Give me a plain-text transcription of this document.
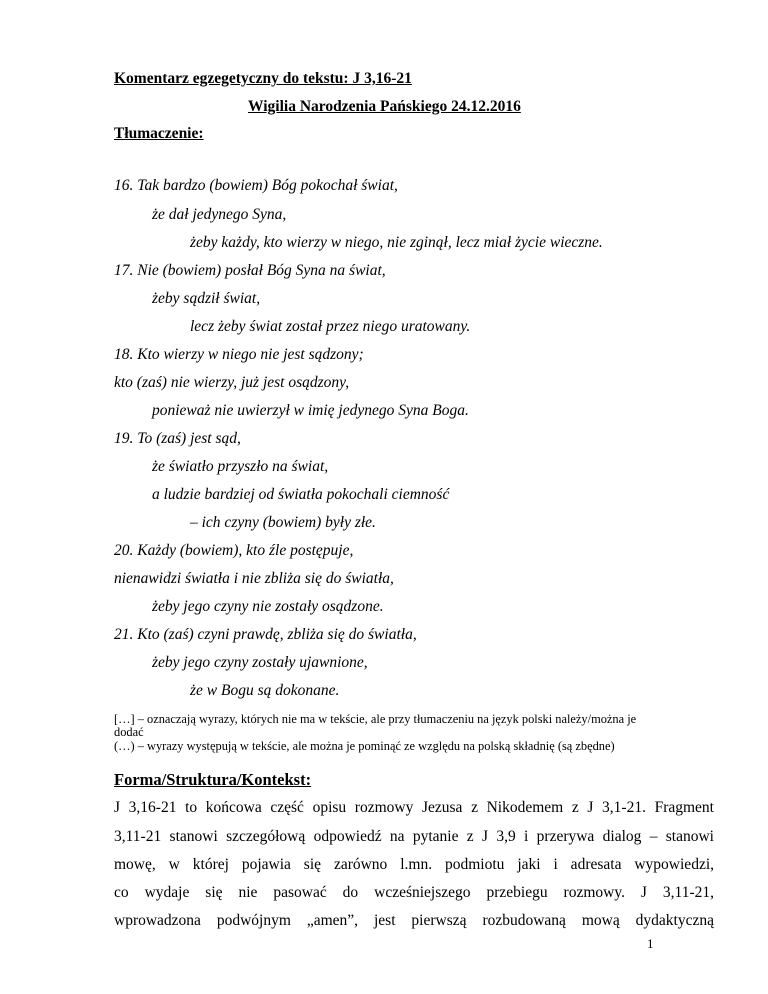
Komentarz egzegetyczny do tekstu: J 3,16-21
Wigilia Narodzenia Pańskiego 24.12.2016
Tłumaczenie:
16. Tak bardzo (bowiem) Bóg pokochał świat,
że dał jedynego Syna,
żeby każdy, kto wierzy w niego, nie zginął, lecz miał życie wieczne.
17. Nie (bowiem) posłał Bóg Syna na świat,
żeby sądził świat,
lecz żeby świat został przez niego uratowany.
18. Kto wierzy w niego nie jest sądzony;
kto (zaś) nie wierzy, już jest osądzony,
ponieważ nie uwierzył w imię jedynego Syna Boga.
19. To (zaś) jest sąd,
że światło przyszło na świat,
a ludzie bardziej od światła pokochali ciemność
– ich czyny (bowiem) były złe.
20. Każdy (bowiem), kto źle postępuje,
nienawidzi światła i nie zbliża się do światła,
żeby jego czyny nie zostały osądzone.
21. Kto (zaś) czyni prawdę, zbliża się do światła,
żeby jego czyny zostały ujawnione,
że w Bogu są dokonane.
[…] – oznaczają wyrazy, których nie ma w tekście, ale przy tłumaczeniu na język polski należy/można je
dodać
(…) – wyrazy występują w tekście, ale można je pominąć ze względu na polską składnię (są zbędne)
Forma/Struktura/Kontekst:
J 3,16-21 to końcowa część opisu rozmowy Jezusa z Nikodemem z J 3,1-21. Fragment
3,11-21 stanowi szczegółową odpowiedź na pytanie z J 3,9 i przerywa dialog – stanowi
mowę, w której pojawia się zarówno l.mn. podmiotu jaki i adresata wypowiedzi,
co wydaje się nie pasować do wcześniejszego przebiegu rozmowy. J 3,11-21,
wprowadzona podwójnym „amen”, jest pierwszą rozbudowaną mową dydaktyczną
1
